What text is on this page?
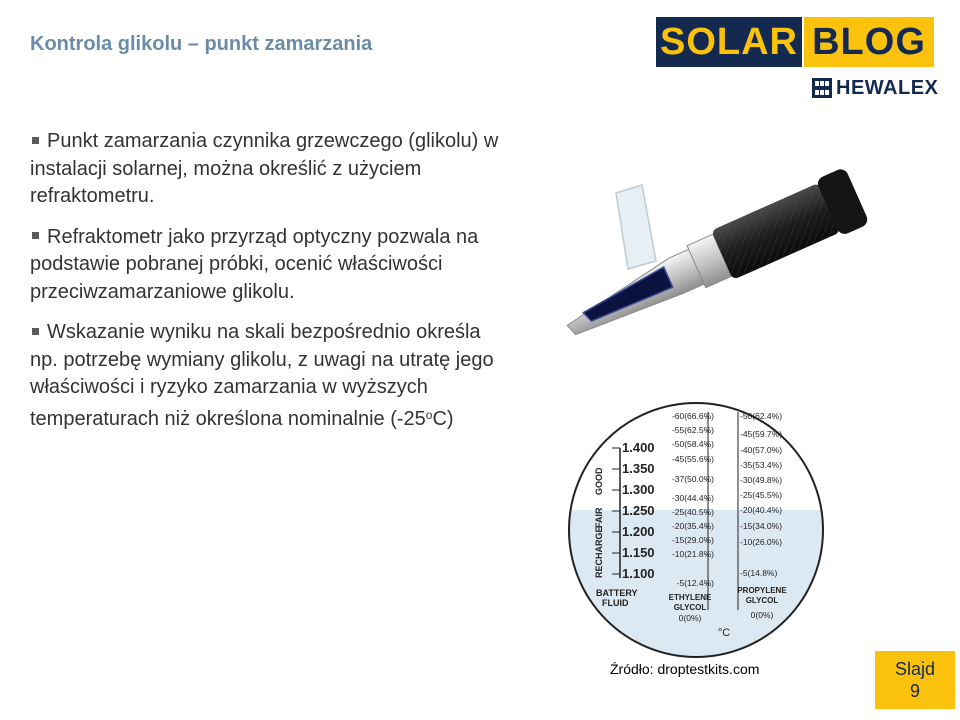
Kontrola glikolu – punkt zamarzania	SOLAR BLOG
HEWALEX
Punkt zamarzania czynnika grzewczego (glikolu) w instalacji solarnej, można określić z użyciem refraktometru.
Refraktometr jako przyrząd optyczny pozwala na podstawie pobranej próbki, ocenić właściwości przeciwzamarzaniowe glikolu.
Wskazanie wyniku na skali bezpośrednio określa np. potrzebę wymiany glikolu, z uwagi na utratę jego właściwości i ryzyko zamarzania w wyższych temperaturach niż określona nominalnie (-25$^o$C)
1.400
1.350
1.300
1.250
1.200
1.150
1.100
GOOD
FAIR
RECHARGE
BATTERY
FLUID
-60(66.6%)
-55(62.5%)
-50(58.4%)
-45(55.6%)
-37(50.0%)
-30(44.4%)
-25(40.5%)
-20(35.4%)
-15(29.0%)
-10(21.8%)
-5(12.4%)
ETHYLENE
GLYCOL
0(0%)
-50(62.4%)
-45(59.7%)
-40(57.0%)
-35(53.4%)
-30(49.8%)
-25(45.5%)
-20(40.4%)
-15(34.0%)
-10(26.0%)
-5(14.8%)
PROPYLENE
GLYCOL
0(0%)
°C
Źródło: droptestkits.com	Slajd
9
